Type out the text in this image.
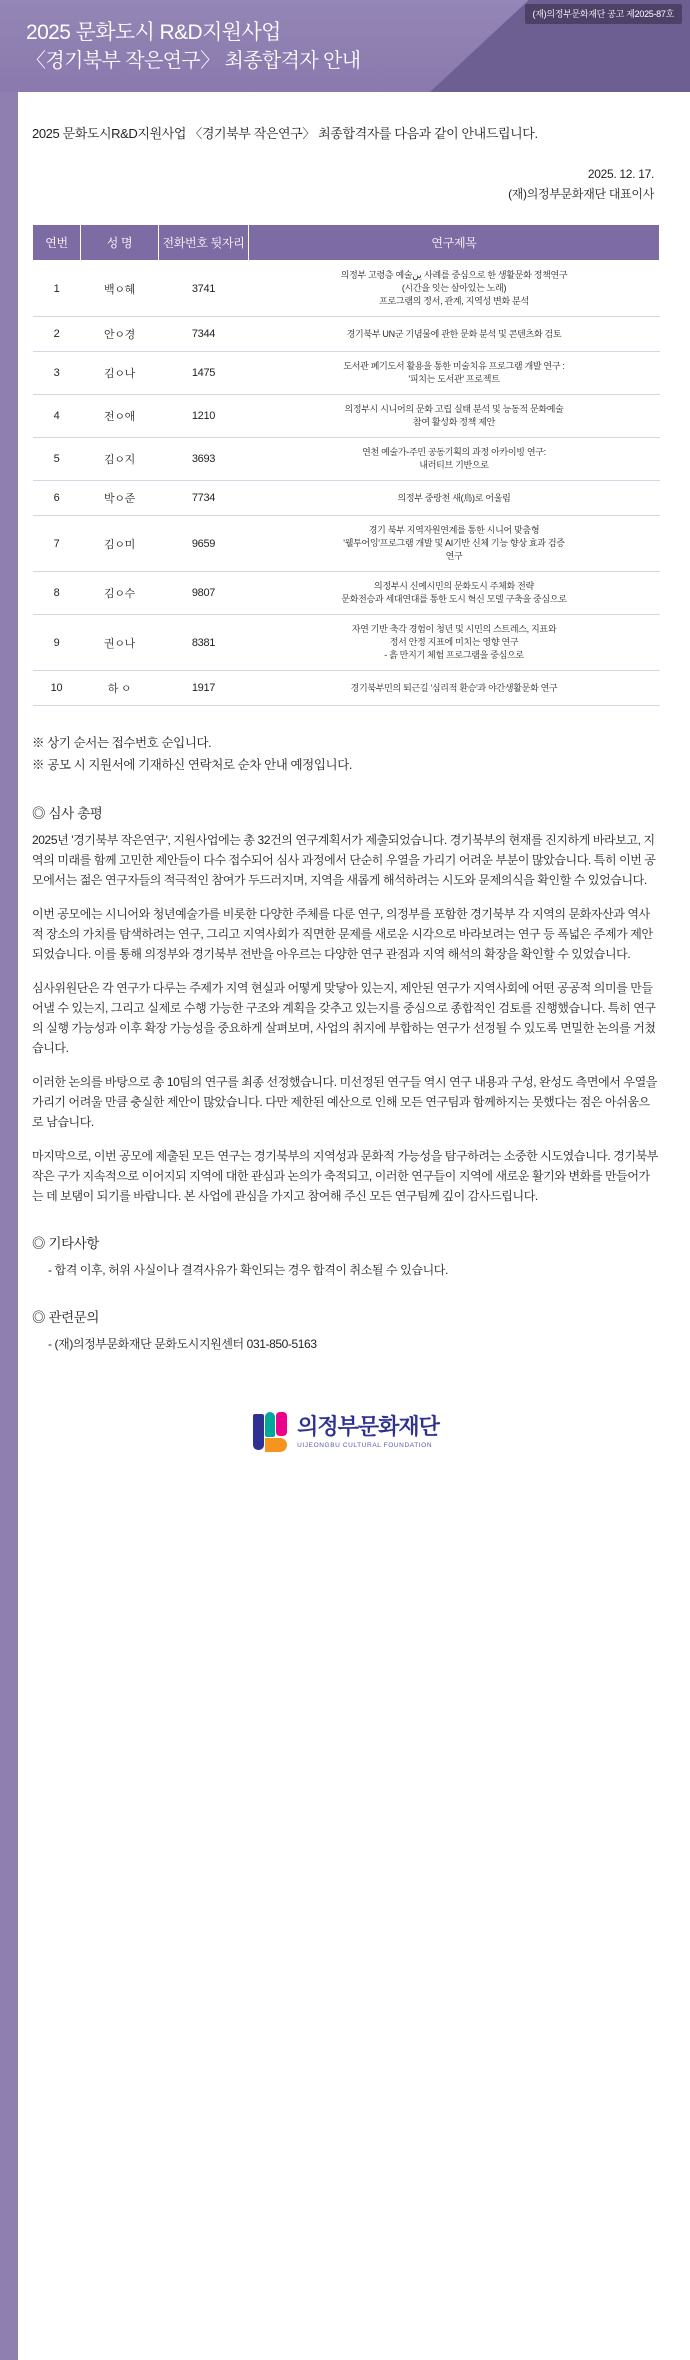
(재)의정부문화재단 공고 제2025-87호
2025 문화도시 R&D지원사업
〈경기북부 작은연구〉 최종합격자 안내
2025 문화도시R&D지원사업 〈경기북부 작은연구〉 최종합격자를 다음과 같이 안내드립니다.
2025. 12. 17.
(재)의정부문화재단 대표이사
연번	성 명	전화번호 뒷자리	연구제목
1	백ㅇ혜	3741	의정부 고령층 예술ين 사례를 중심으로 한 생활문화 정책연구
(시간을 잇는 살아있는 노래)
프로그램의 정서, 관계, 지역성 변화 분석
2	안ㅇ경	7344	경기북부 UN군 기념물에 관한 문화 분석 및 콘텐츠화 검토
3	김ㅇ나	1475	도서관 폐기도서 활용을 통한 미술치유 프로그램 개발 연구 :
'피치는 도서관' 프로젝트
4	전ㅇ애	1210	의정부시 시니어의 문화 고립 실태 분석 및 능동적 문화예술
참여 활성화 정책 제안
5	김ㅇ지	3693	연천 예술가-주민 공동기획의 과정 아카이빙 연구:
내러티브 기반으로
6	박ㅇ준	7734	의정부 중랑천 새(鳥)로 어울림
7	김ㅇ미	9659	경기 북부 지역자원연계를 통한 시니어 맞춤형
'웰투어잉'프로그램 개발 및 AI기반 신체 기능 향상 효과 검증
연구
8	김ㅇ수	9807	의정부시 신예시민의 문화도시 주체화 전략
문화전승과 세대연대를 통한 도시 혁신 모델 구축을 중심으로
9	권ㅇ나	8381	자연 기반 축각 경험이 청년 및 시민의 스트레스, 지표와
정서 안정 지표에 미치는 영향 연구
- 흙 만지기 체험 프로그램을 중심으로
10	하 ㅇ	1917	경기북부민의 퇴근길 '심리적 환승'과 야간생활문화 연구
※ 상기 순서는 접수번호 순입니다.
※ 공모 시 지원서에 기재하신 연락처로 순차 안내 예정입니다.
◎ 심사 총평

2025년 '경기북부 작은연구', 지원사업에는 총 32건의 연구계획서가 제출되었습니다. 경기북부의 현재를 진지하게 바라보고, 지역의 미래를 함께 고민한 제안들이 다수 접수되어 심사 과정에서 단순히 우열을 가리기 어려운 부분이 많았습니다. 특히 이번 공모에서는 젊은 연구자들의 적극적인 참여가 두드러지며, 지역을 새롭게 해석하려는 시도와 문제의식을 확인할 수 있었습니다.

이번 공모에는 시니어와 청년예술가를 비롯한 다양한 주체를 다룬 연구, 의정부를 포함한 경기북부 각 지역의 문화자산과 역사적 장소의 가치를 탐색하려는 연구, 그리고 지역사회가 직면한 문제를 새로운 시각으로 바라보려는 연구 등 폭넓은 주제가 제안되었습니다. 이를 통해 의정부와 경기북부 전반을 아우르는 다양한 연구 관점과 지역 해석의 확장을 확인할 수 있었습니다.

심사위원단은 각 연구가 다루는 주제가 지역 현실과 어떻게 맞닿아 있는지, 제안된 연구가 지역사회에 어떤 공공적 의미를 만들어낼 수 있는지, 그리고 실제로 수행 가능한 구조와 계획을 갖추고 있는지를 중심으로 종합적인 검토를 진행했습니다. 특히 연구의 실행 가능성과 이후 확장 가능성을 중요하게 살펴보며, 사업의 취지에 부합하는 연구가 선정될 수 있도록 면밀한 논의를 거쳤습니다.

이러한 논의를 바탕으로 총 10팀의 연구를 최종 선정했습니다. 미선정된 연구들 역시 연구 내용과 구성, 완성도 측면에서 우열을 가리기 어려울 만큼 충실한 제안이 많았습니다. 다만 제한된 예산으로 인해 모든 연구팀과 함께하지는 못했다는 점은 아쉬움으로 남습니다.

마지막으로, 이번 공모에 제출된 모든 연구는 경기북부의 지역성과 문화적 가능성을 탐구하려는 소중한 시도였습니다. 경기북부 작은 구가 지속적으로 이어지되 지역에 대한 관심과 논의가 축적되고, 이러한 연구들이 지역에 새로운 활기와 변화를 만들어가는 데 보탬이 되기를 바랍니다. 본 사업에 관심을 가지고 참여해 주신 모든 연구팀께 깊이 감사드립니다.

◎ 기타사항
- 합격 이후, 허위 사실이나 결격사유가 확인되는 경우 합격이 취소될 수 있습니다.
◎ 관련문의
- (재)의정부문화재단 문화도시지원센터 031-850-5163
의정부문화재단
UIJEONGBU CULTURAL FOUNDATION
